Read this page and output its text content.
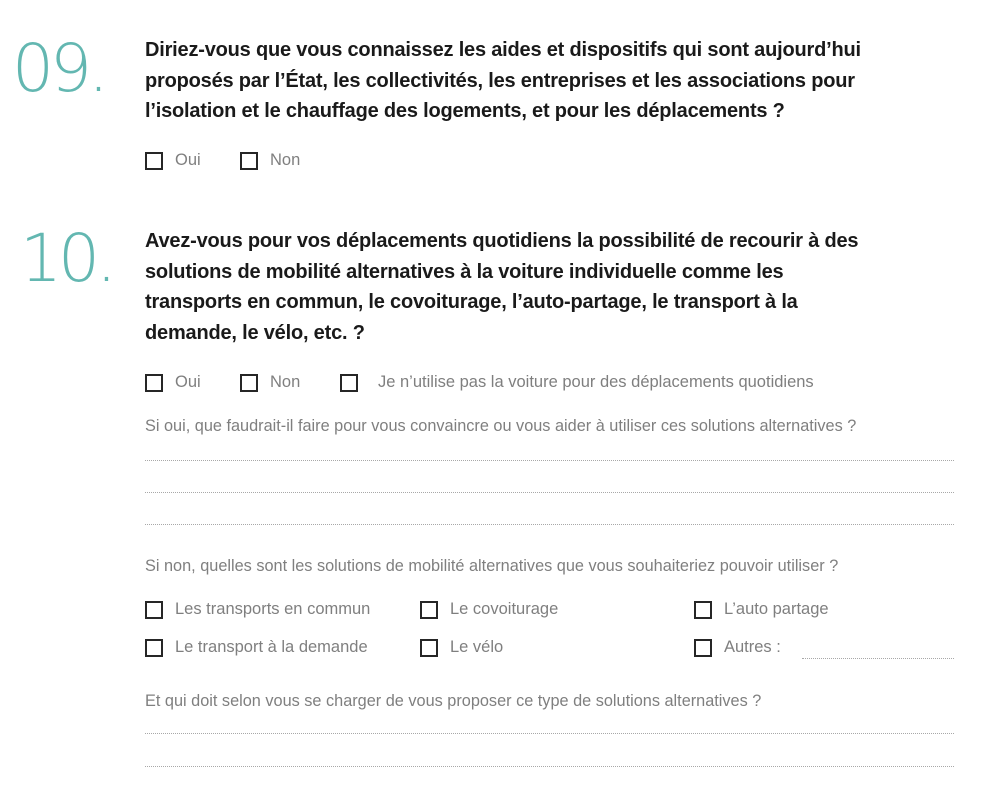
09. Diriez-vous que vous connaissez les aides et dispositifs qui sont aujourd’hui
proposés par l’État, les collectivités, les entreprises et les associations pour
l’isolation et le chauffage des logements, et pour les déplacements ?
Oui	Non
10. Avez-vous pour vos déplacements quotidiens la possibilité de recourir à des
solutions de mobilité alternatives à la voiture individuelle comme les
transports en commun, le covoiturage, l’auto-partage, le transport à la
demande, le vélo, etc. ?
Oui	Non	Je n’utilise pas la voiture pour des déplacements quotidiens
Si oui, que faudrait-il faire pour vous convaincre ou vous aider à utiliser ces solutions alternatives ?
Si non, quelles sont les solutions de mobilité alternatives que vous souhaiteriez pouvoir utiliser ?
Les transports en commun	Le covoiturage	L’auto partage
Le transport à la demande	Le vélo	Autres :
Et qui doit selon vous se charger de vous proposer ce type de solutions alternatives ?
